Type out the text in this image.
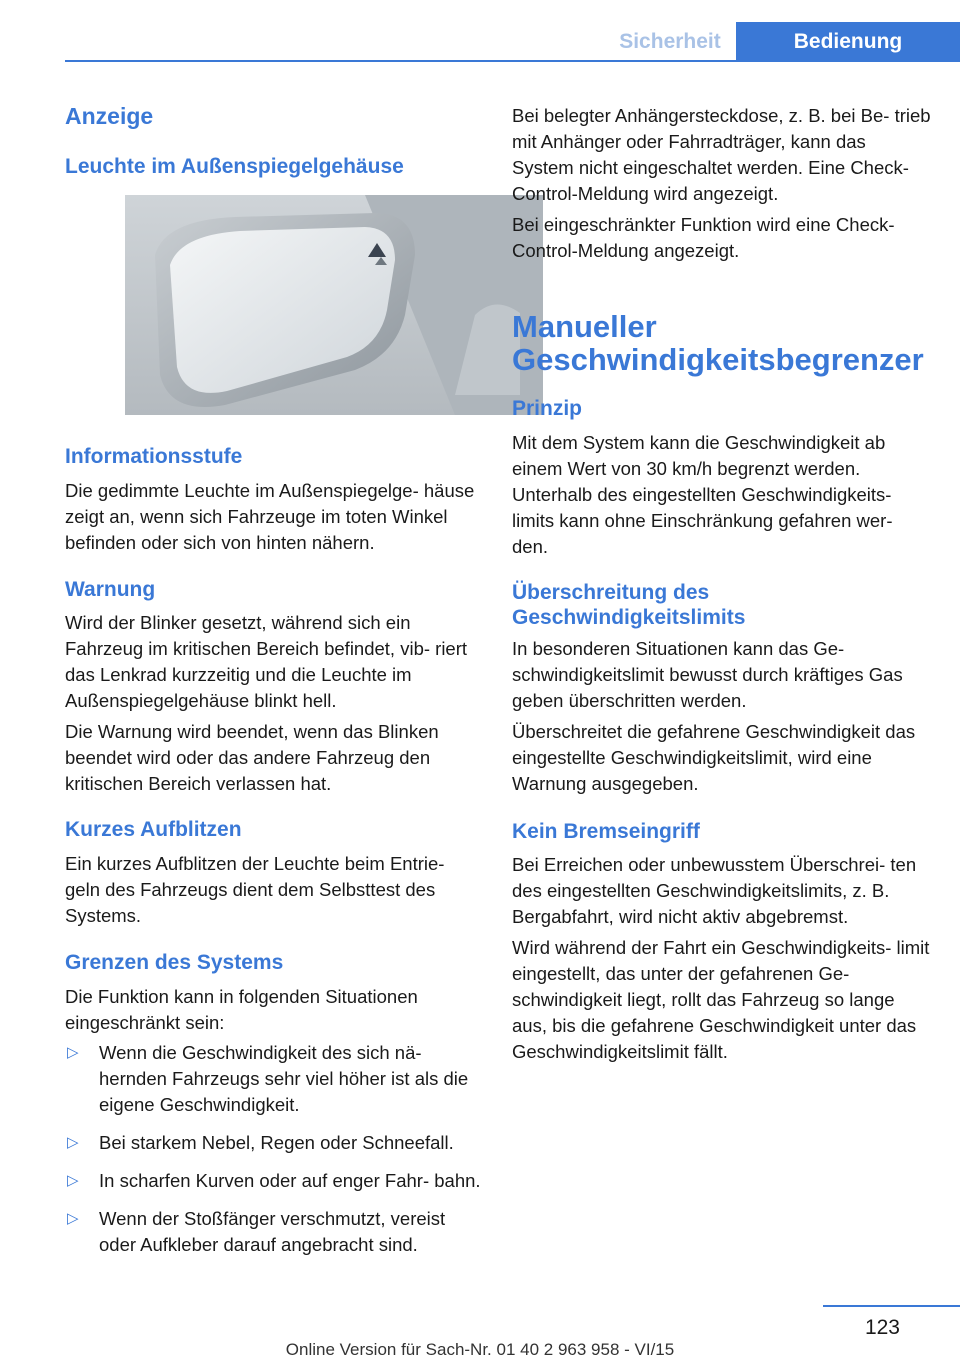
Sicherheit	Bedienung
Anzeige
Leuchte im Außenspiegelgehäuse
Informationsstufe

Die gedimmte Leuchte im Außenspiegelge‐ häuse zeigt an, wenn sich Fahrzeuge im toten Winkel befinden oder sich von hinten nähern.

Warnung

Wird der Blinker gesetzt, während sich ein Fahrzeug im kritischen Bereich befindet, vib‐ riert das Lenkrad kurzzeitig und die Leuchte im Außenspiegelgehäuse blinkt hell.

Die Warnung wird beendet, wenn das Blinken beendet wird oder das andere Fahrzeug den kritischen Bereich verlassen hat.

Kurzes Aufblitzen

Ein kurzes Aufblitzen der Leuchte beim Entrie‐ geln des Fahrzeugs dient dem Selbsttest des Systems.

Grenzen des Systems

Die Funktion kann in folgenden Situationen eingeschränkt sein:

▷ Wenn die Geschwindigkeit des sich nä‐ hernden Fahrzeugs sehr viel höher ist als die eigene Geschwindigkeit.
▷ Bei starkem Nebel, Regen oder Schneefall.
▷ In scharfen Kurven oder auf enger Fahr‐ bahn.
▷ Wenn der Stoßfänger verschmutzt, vereist oder Aufkleber darauf angebracht sind.

Bei belegter Anhängersteckdose, z. B. bei Be‐ trieb mit Anhänger oder Fahrradträger, kann das System nicht eingeschaltet werden. Eine Check-Control-Meldung wird angezeigt.

Bei eingeschränkter Funktion wird eine Check- Control-Meldung angezeigt.

Manueller Geschwindigkeitsbegrenzer
Prinzip

Mit dem System kann die Geschwindigkeit ab einem Wert von 30 km/h begrenzt werden. Unterhalb des eingestellten Geschwindigkeits‐ limits kann ohne Einschränkung gefahren wer‐ den.

Überschreitung des Geschwindigkeitslimits

In besonderen Situationen kann das Ge‐ schwindigkeitslimit bewusst durch kräftiges Gas geben überschritten werden.

Überschreitet die gefahrene Geschwindigkeit das eingestellte Geschwindigkeitslimit, wird eine Warnung ausgegeben.

Kein Bremseingriff

Bei Erreichen oder unbewusstem Überschrei‐ ten des eingestellten Geschwindigkeitslimits, z. B. Bergabfahrt, wird nicht aktiv abgebremst.

Wird während der Fahrt ein Geschwindigkeits‐ limit eingestellt, das unter der gefahrenen Ge‐ schwindigkeit liegt, rollt das Fahrzeug so lange aus, bis die gefahrene Geschwindigkeit unter das Geschwindigkeitslimit fällt.

123
Online Version für Sach-Nr. 01 40 2 963 958 - VI/15
